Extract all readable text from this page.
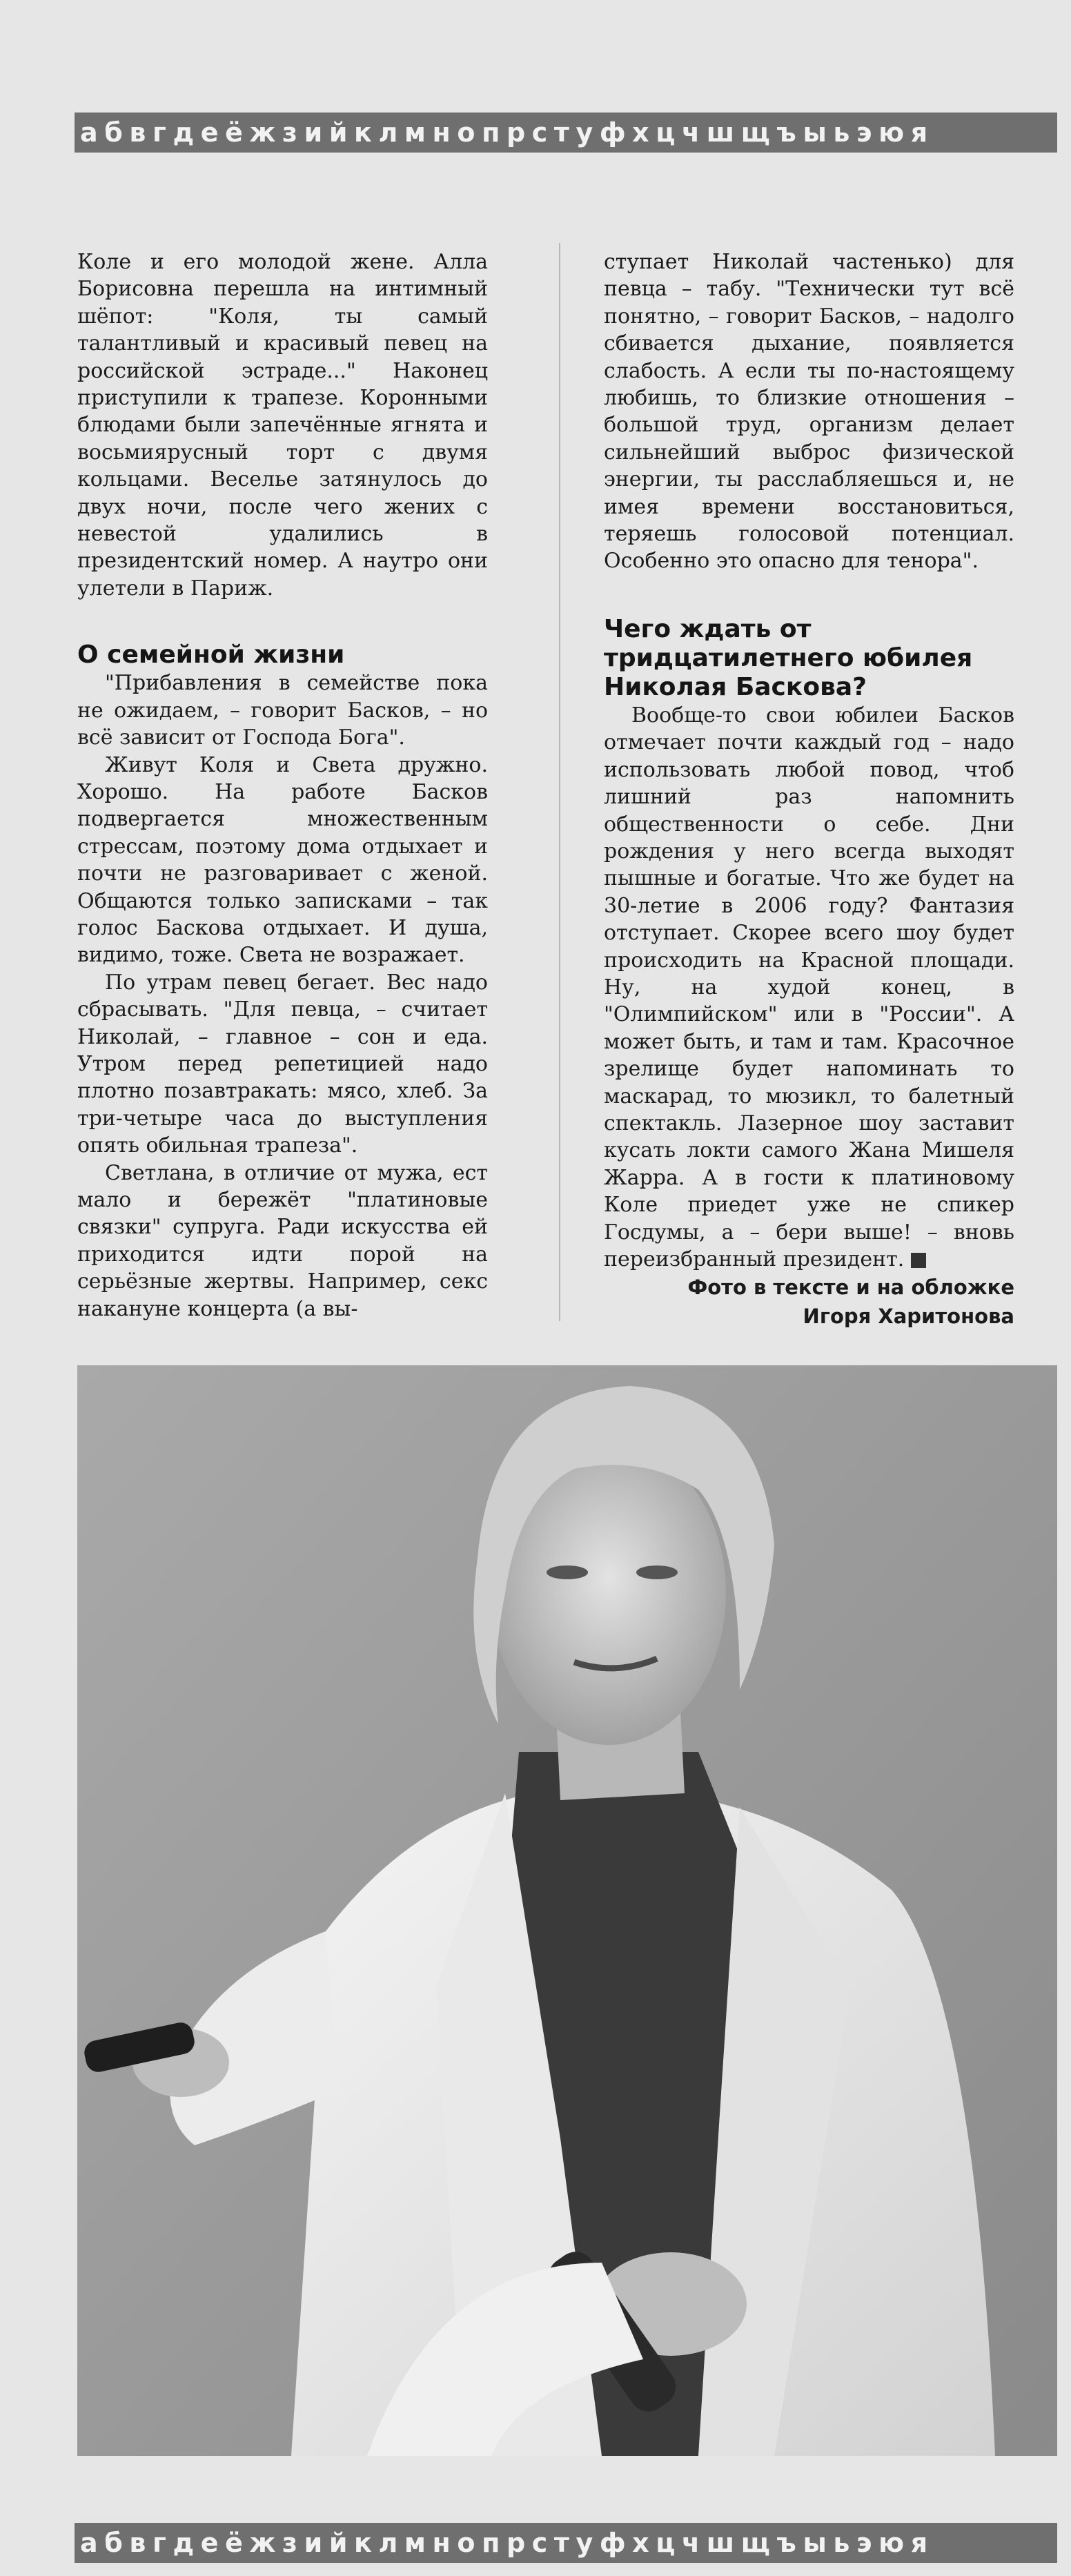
абвгдеёжзийклмнопрстуфхцчшщъыьэюя

Коле и его молодой жене. Алла Борисовна перешла на интимный шёпот: "Коля, ты самый талантливый и красивый певец на российской эстраде..." Наконец приступили к трапезе. Коронными блюдами были запечённые ягнята и восьмиярусный торт с двумя кольцами. Веселье затянулось до двух ночи, после чего жених с невестой удалились в президентский номер. А наутро они улетели в Париж.

О семейной жизни

"Прибавления в семействе пока не ожидаем, – говорит Басков, – но всё зависит от Господа Бога".

Живут Коля и Света дружно. Хорошо. На работе Басков подвергается множественным стрессам, поэтому дома отдыхает и почти не разговаривает с женой. Общаются только записками – так голос Баскова отдыхает. И душа, видимо, тоже. Света не возражает.

По утрам певец бегает. Вес надо сбрасывать. "Для певца, – считает Николай, – главное – сон и еда. Утром перед репетицией надо плотно позавтракать: мясо, хлеб. За три-четыре часа до выступления опять обильная трапеза".

Светлана, в отличие от мужа, ест мало и бережёт "платиновые связки" супруга. Ради искусства ей приходится идти порой на серьёзные жертвы. Например, секс накануне концерта (а вы-

ступает Николай частенько) для певца – табу. "Технически тут всё понятно, – говорит Басков, – надолго сбивается дыхание, появляется слабость. А если ты по-настоящему любишь, то близкие отношения – большой труд, организм делает сильнейший выброс физической энергии, ты расслабляешься и, не имея времени восстановиться, теряешь голосовой потенциал. Особенно это опасно для тенора".

Чего ждать от тридцатилетнего юбилея Николая Баскова?

Вообще-то свои юбилеи Басков отмечает почти каждый год – надо использовать любой повод, чтоб лишний раз напомнить общественности о себе. Дни рождения у него всегда выходят пышные и богатые. Что же будет на 30-летие в 2006 году? Фантазия отступает. Скорее всего шоу будет происходить на Красной площади. Ну, на худой конец, в "Олимпийском" или в "России". А может быть, и там и там. Красочное зрелище будет напоминать то маскарад, то мюзикл, то балетный спектакль. Лазерное шоу заставит кусать локти самого Жана Мишеля Жарра. А в гости к платиновому Коле приедет уже не спикер Госдумы, а – бери выше! – вновь переизбранный президент.

Фото в тексте и на обложке
Игоря Харитонова
абвгдеёжзийклмнопрстуфхцчшщъыьэюя
